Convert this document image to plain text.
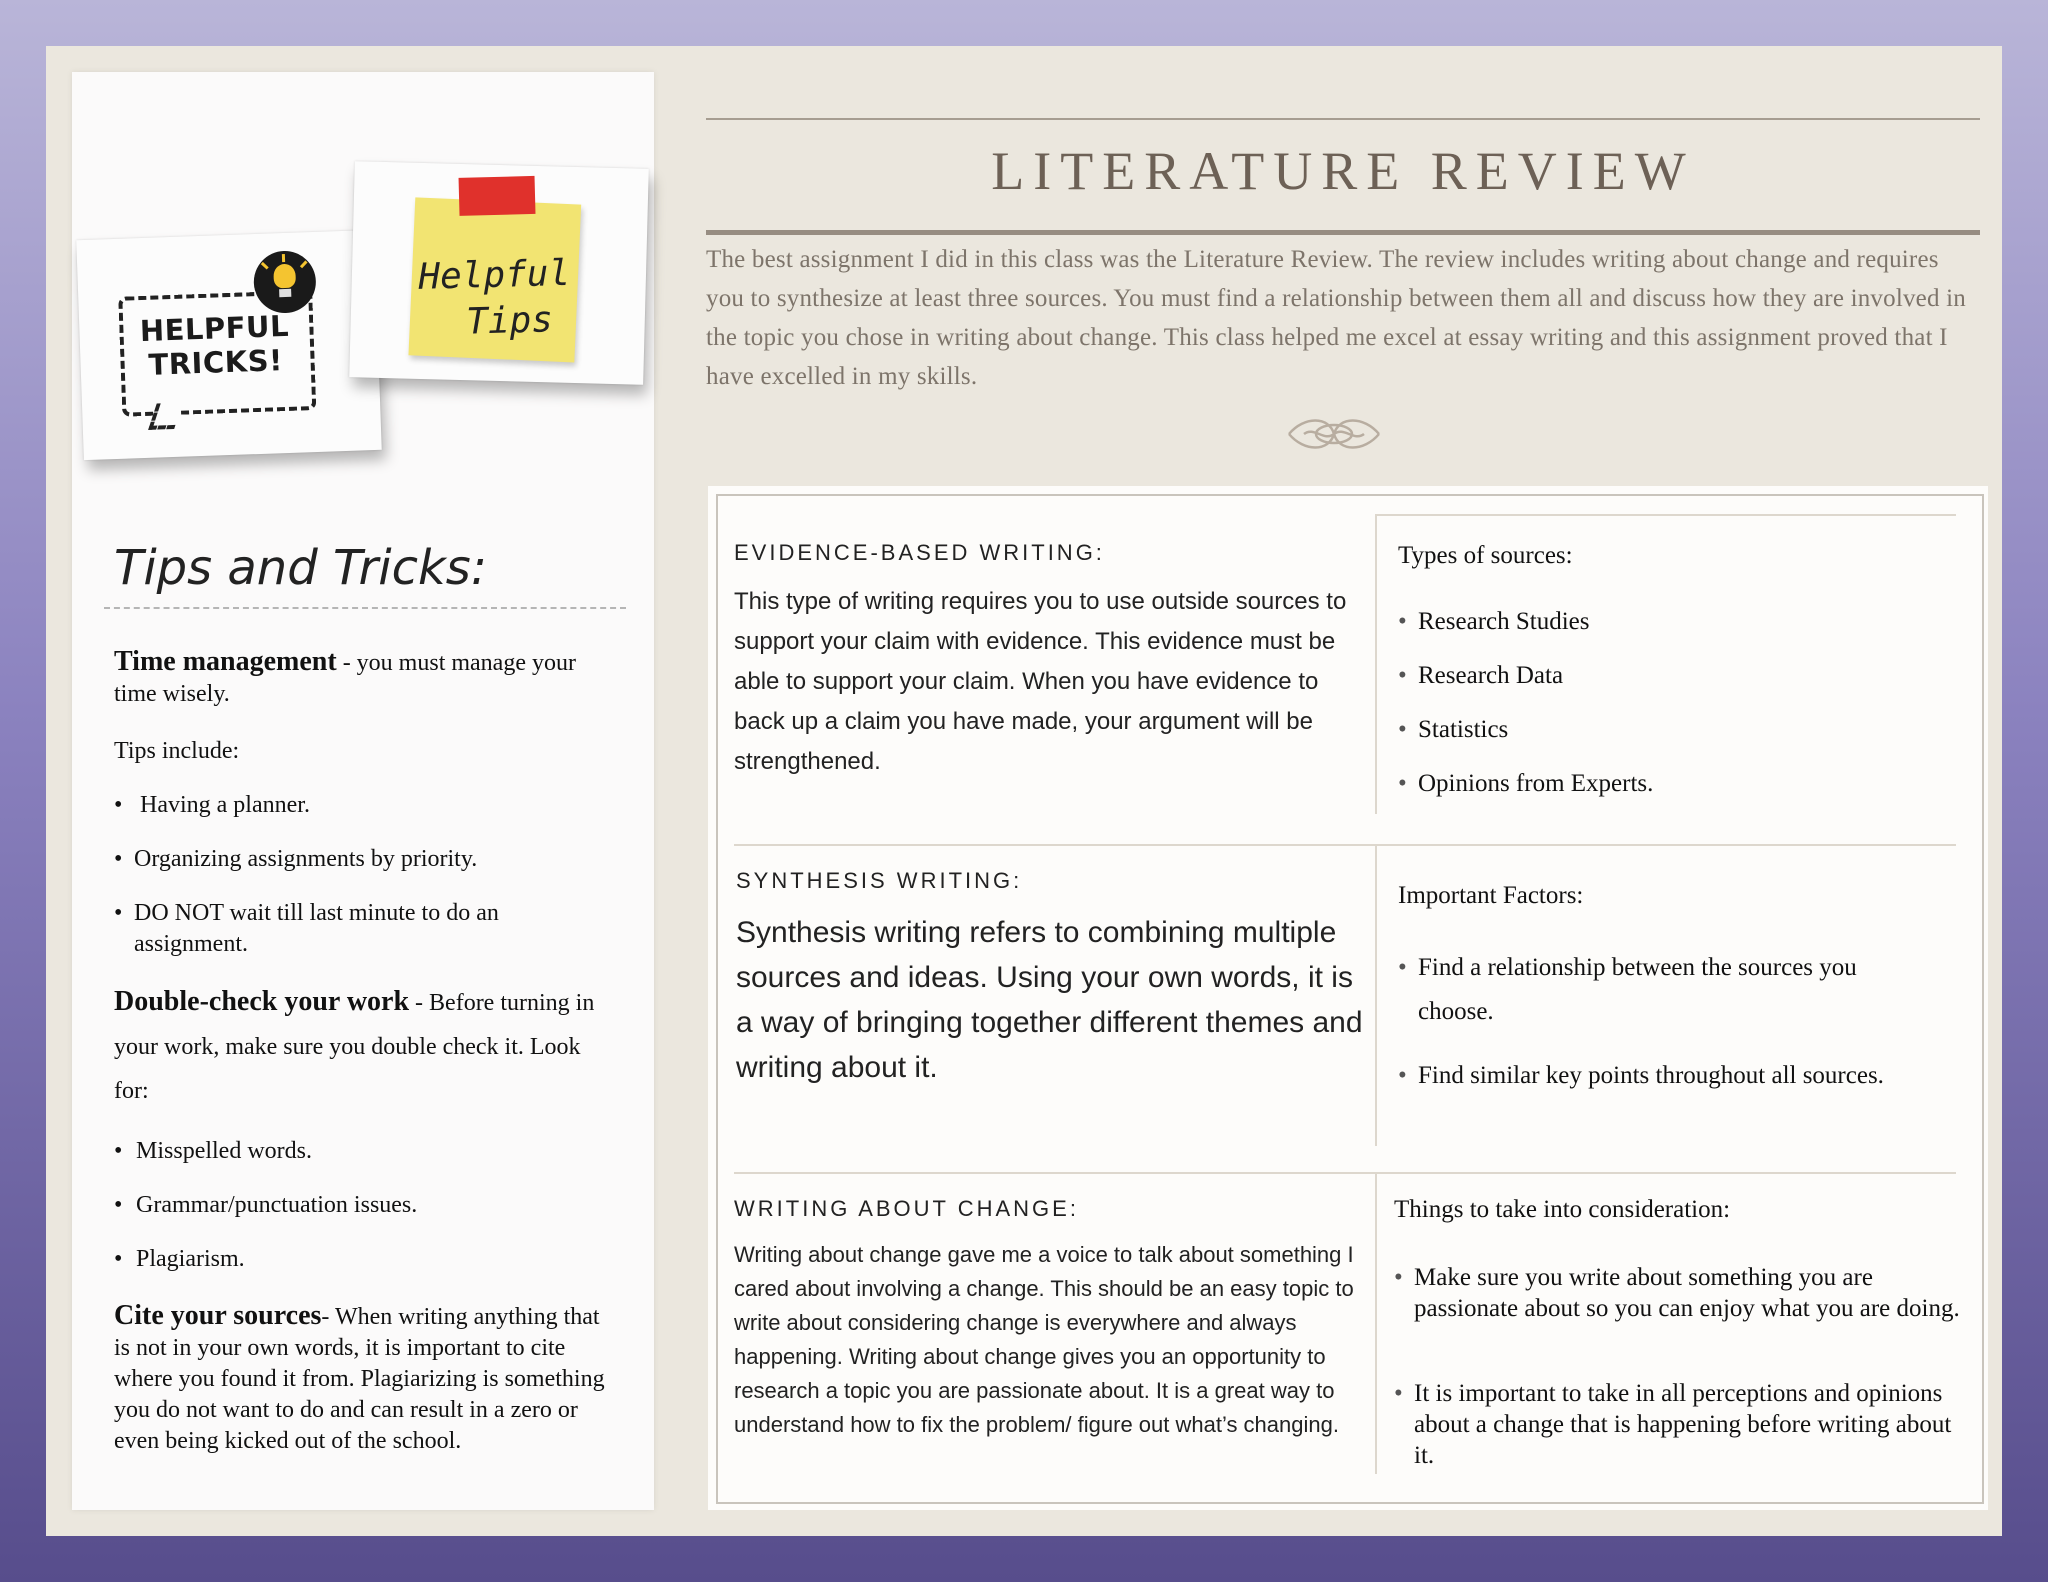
HELPFUL TRICKS!
Helpful
Tips
Tips and Tricks:

Time management - you must manage your time wisely.

Tips include:

• Having a planner.

• Organizing assignments by priority.

• DO NOT wait till last minute to do an assignment.

Double-check your work - Before turning in your work, make sure you double check it. Look for:

• Misspelled words.

• Grammar/punctuation issues.

• Plagiarism.

Cite your sources- When writing anything that is not in your own words, it is important to cite where you found it from. Plagiarizing is something you do not want to do and can result in a zero or even being kicked out of the school.

LITERATURE REVIEW

The best assignment I did in this class was the Literature Review. The review includes writing about change and requires you to synthesize at least three sources. You must find a relationship between them all and discuss how they are involved in the topic you chose in writing about change. This class helped me excel at essay writing and this assignment proved that I have excelled in my skills.

EVIDENCE-BASED WRITING:

This type of writing requires you to use outside sources to support your claim with evidence. This evidence must be able to support your claim. When you have evidence to back up a claim you have made, your argument will be strengthened.

Types of sources:

• Research Studies

• Research Data

• Statistics

• Opinions from Experts.

SYNTHESIS WRITING:

Synthesis writing refers to combining multiple sources and ideas. Using your own words, it is a way of bringing together different themes and writing about it.

Important Factors:

• Find a relationship between the sources you choose.

• Find similar key points throughout all sources.

WRITING ABOUT CHANGE:

Writing about change gave me a voice to talk about something I cared about involving a change. This should be an easy topic to write about considering change is everywhere and always happening. Writing about change gives you an opportunity to research a topic you are passionate about. It is a great way to understand how to fix the problem/ figure out what’s changing.

Things to take into consideration:

• Make sure you write about something you are passionate about so you can enjoy what you are doing.

• It is important to take in all perceptions and opinions about a change that is happening before writing about it.
